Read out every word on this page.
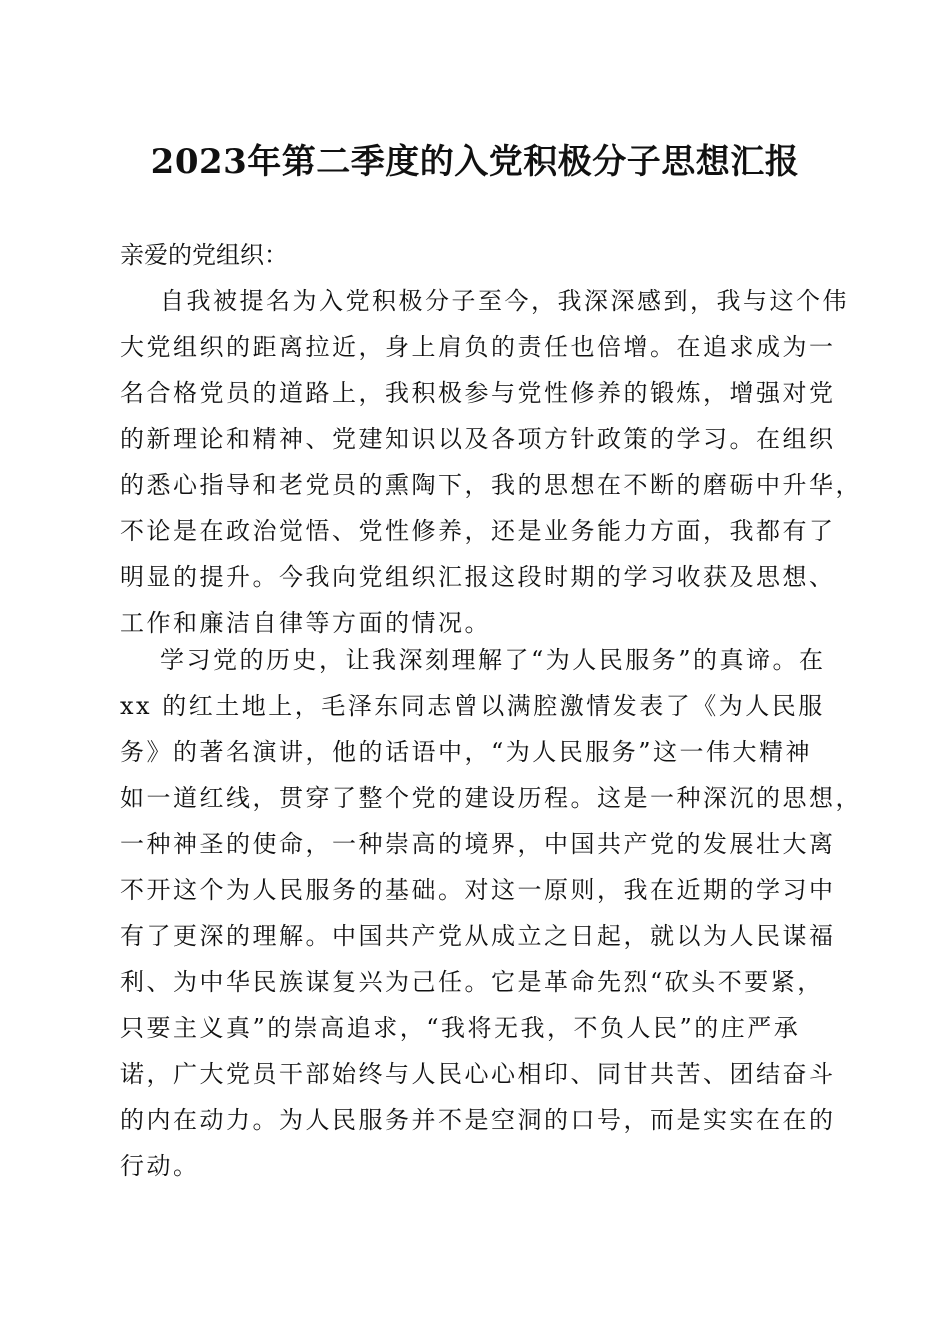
2023年第二季度的入党积极分子思想汇报

亲爱的党组织：

自我被提名为入党积极分子至今，我深深感到，我与这个伟
大党组织的距离拉近，身上肩负的责任也倍增。在追求成为一
名合格党员的道路上，我积极参与党性修养的锻炼，增强对党
的新理论和精神、党建知识以及各项方针政策的学习。在组织
的悉心指导和老党员的熏陶下，我的思想在不断的磨砺中升华，
不论是在政治觉悟、党性修养，还是业务能力方面，我都有了
明显的提升。今我向党组织汇报这段时期的学习收获及思想、
工作和廉洁自律等方面的情况。

学习党的历史，让我深刻理解了“为人民服务”的真谛。在
xx 的红土地上，毛泽东同志曾以满腔激情发表了《为人民服
务》的著名演讲，他的话语中，“为人民服务”这一伟大精神
如一道红线，贯穿了整个党的建设历程。这是一种深沉的思想，
一种神圣的使命，一种崇高的境界，中国共产党的发展壮大离
不开这个为人民服务的基础。对这一原则，我在近期的学习中
有了更深的理解。中国共产党从成立之日起，就以为人民谋福
利、为中华民族谋复兴为己任。它是革命先烈“砍头不要紧，
只要主义真”的崇高追求，“我将无我，不负人民”的庄严承
诺，广大党员干部始终与人民心心相印、同甘共苦、团结奋斗
的内在动力。为人民服务并不是空洞的口号，而是实实在在的
行动。
